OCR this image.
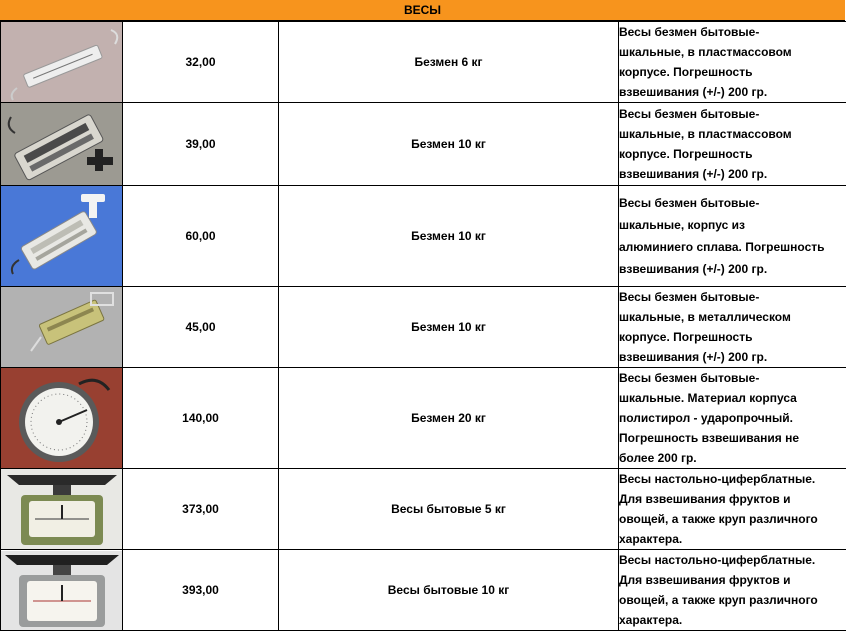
ВЕСЫ
	32,00	Безмен 6 кг	Весы безмен бытовые-
шкальные, в пластмассовом
корпусе. Погрешность
взвешивания (+/-) 200 гр.

	39,00	Безмен 10 кг	Весы безмен бытовые-
шкальные, в пластмассовом
корпусе. Погрешность
взвешивания (+/-) 200 гр.

	60,00	Безмен 10 кг	Весы безмен бытовые-
шкальные, корпус из
алюминиего сплава. Погрешность
взвешивания (+/-) 200 гр.

	45,00	Безмен 10 кг	Весы безмен бытовые-
шкальные, в металлическом
корпусе. Погрешность
взвешивания (+/-) 200 гр.

	140,00	Безмен 20 кг	Весы безмен бытовые-
шкальные. Материал корпуса
полистирол - ударопрочный.
Погрешность взвешивания не
более 200 гр.

	373,00	Весы бытовые 5 кг	Весы настольно-циферблатные.
Для взвешивания фруктов и
овощей, а также круп различного
характера.

	393,00	Весы бытовые 10 кг	Весы настольно-циферблатные.
Для взвешивания фруктов и
овощей, а также круп различного
характера.
